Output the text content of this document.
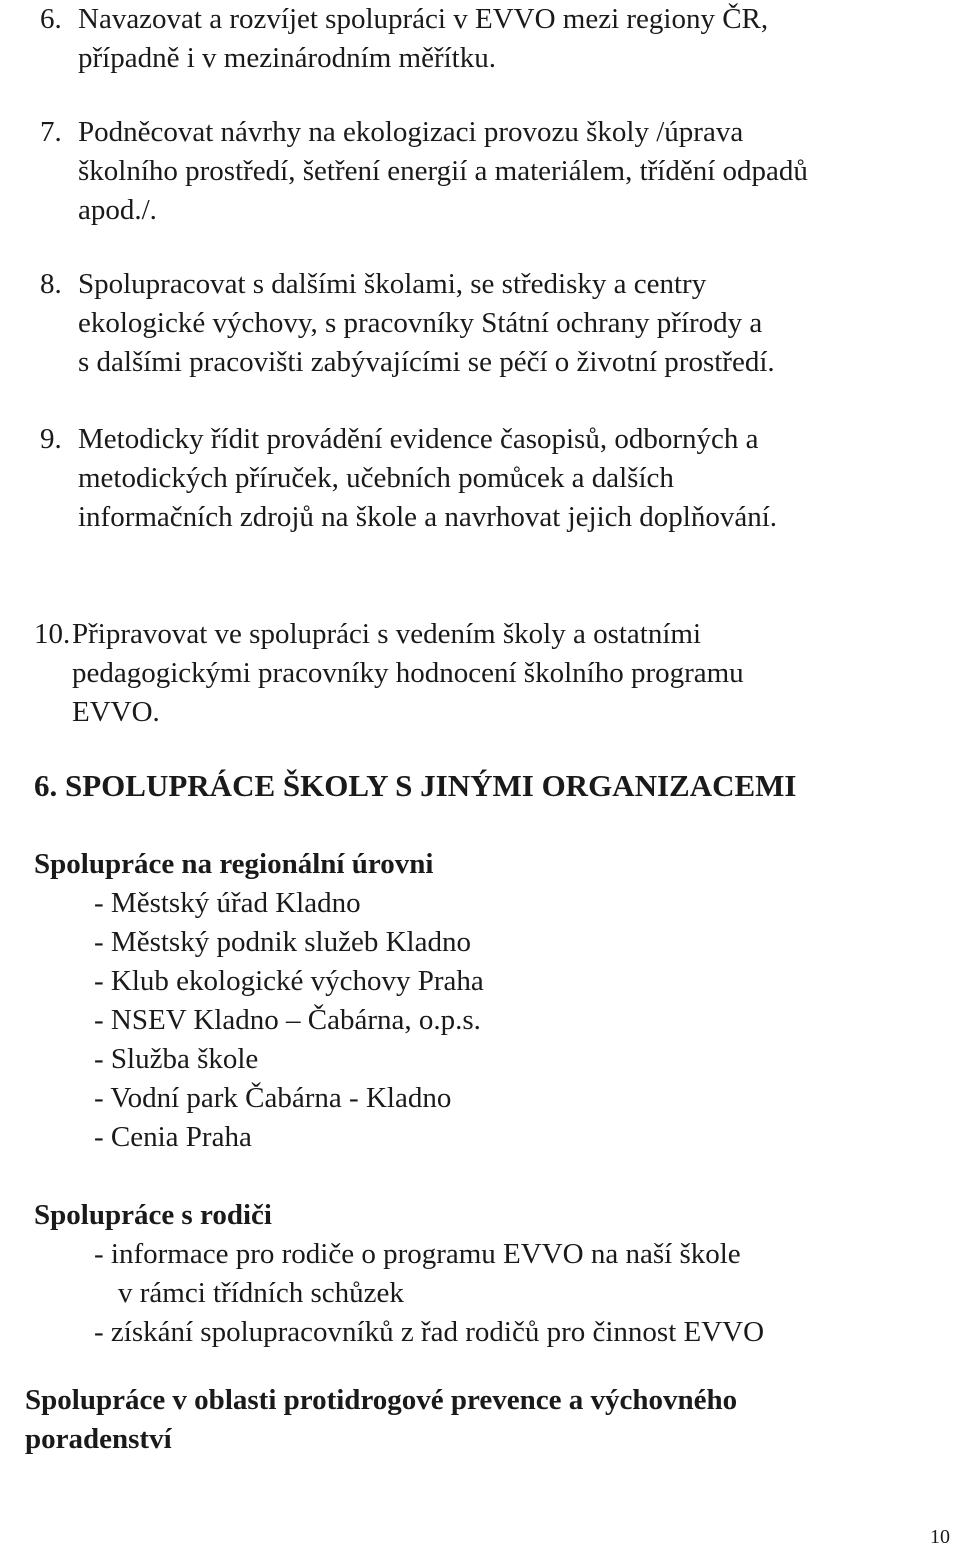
6. Navazovat a rozvíjet spolupráci v EVVO mezi regiony ČR,
případně i v mezinárodním měřítku.
7. Podněcovat návrhy na ekologizaci provozu školy /úprava
školního prostředí, šetření energií a materiálem, třídění odpadů
apod./.
8. Spolupracovat s dalšími školami, se středisky a centry
ekologické výchovy, s pracovníky Státní ochrany přírody a
s dalšími pracovišti zabývajícími se péčí o životní prostředí.
9. Metodicky řídit provádění evidence časopisů, odborných a
metodických příruček, učebních pomůcek a dalších
informačních zdrojů na škole a navrhovat jejich doplňování.
10. Připravovat ve spolupráci s vedením školy a ostatními
pedagogickými pracovníky hodnocení školního programu
EVVO.
6. SPOLUPRÁCE ŠKOLY S JINÝMI ORGANIZACEMI
Spolupráce na regionální úrovni
- Městský úřad Kladno
- Městský podnik služeb Kladno
- Klub ekologické výchovy Praha
- NSEV Kladno – Čabárna, o.p.s.
- Služba škole
- Vodní park Čabárna - Kladno
- Cenia Praha
Spolupráce s rodiči
- informace pro rodiče o programu EVVO na naší škole
v rámci třídních schůzek
- získání spolupracovníků z řad rodičů pro činnost EVVO
Spolupráce v oblasti protidrogové prevence a výchovného
poradenství
10
